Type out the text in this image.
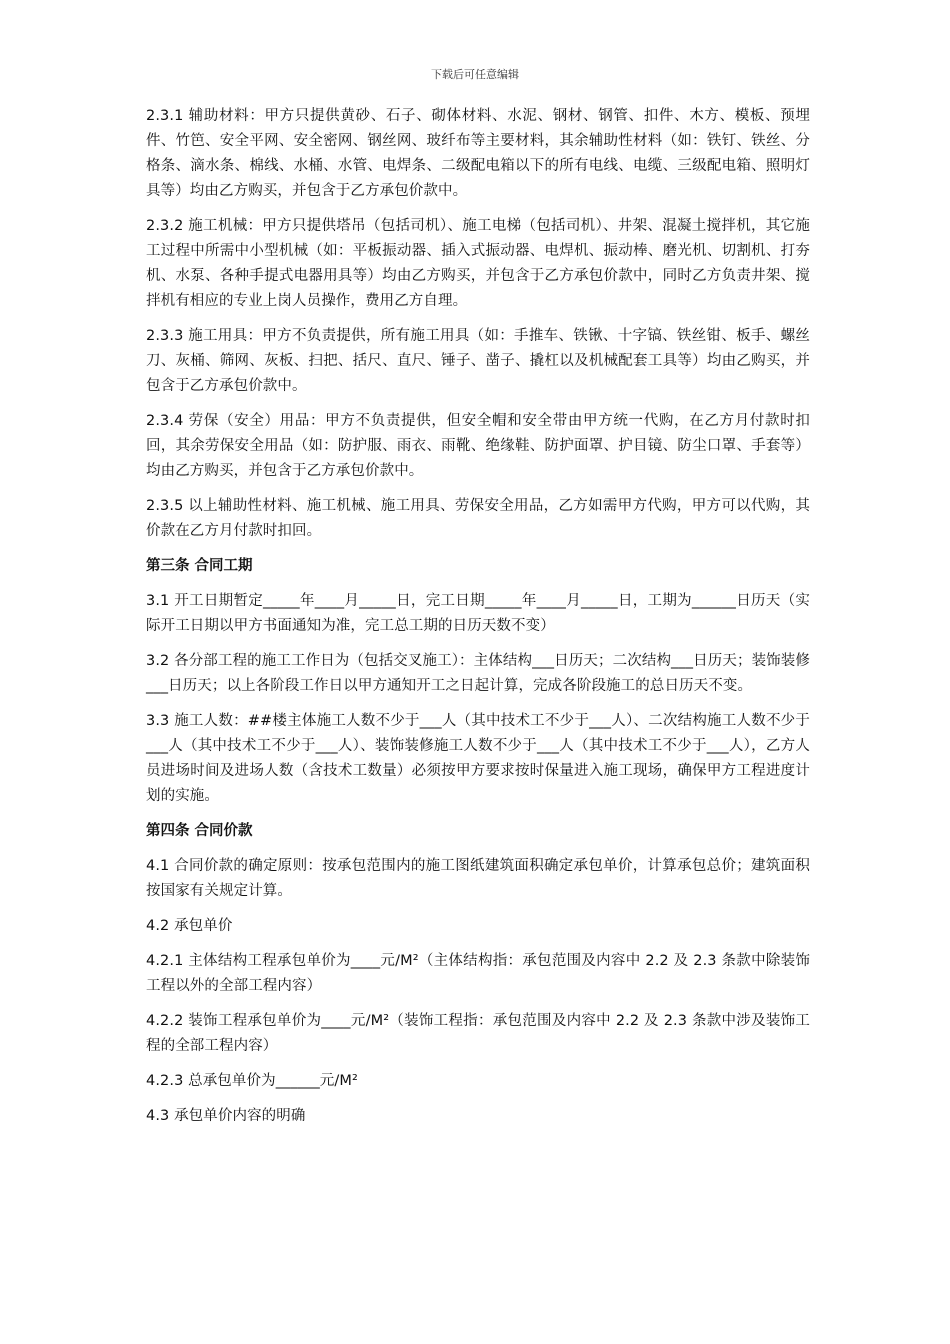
下载后可任意编辑

2.3.1 辅助材料：甲方只提供黄砂、石子、砌体材料、水泥、钢材、钢管、扣件、木方、模板、预埋件、竹笆、安全平网、安全密网、钢丝网、玻纤布等主要材料，其余辅助性材料（如：铁钉、铁丝、分格条、滴水条、棉线、水桶、水管、电焊条、二级配电箱以下的所有电线、电缆、三级配电箱、照明灯具等）均由乙方购买，并包含于乙方承包价款中。

2.3.2 施工机械：甲方只提供塔吊（包括司机）、施工电梯（包括司机）、井架、混凝土搅拌机，其它施工过程中所需中小型机械（如：平板振动器、插入式振动器、电焊机、振动棒、磨光机、切割机、打夯机、水泵、各种手提式电器用具等）均由乙方购买，并包含于乙方承包价款中，同时乙方负责井架、搅拌机有相应的专业上岗人员操作，费用乙方自理。

2.3.3 施工用具：甲方不负责提供，所有施工用具（如：手推车、铁锹、十字镐、铁丝钳、板手、螺丝刀、灰桶、筛网、灰板、扫把、括尺、直尺、锤子、凿子、撬杠以及机械配套工具等）均由乙购买，并包含于乙方承包价款中。

2.3.4 劳保（安全）用品：甲方不负责提供，但安全帽和安全带由甲方统一代购，在乙方月付款时扣回，其余劳保安全用品（如：防护服、雨衣、雨靴、绝缘鞋、防护面罩、护目镜、防尘口罩、手套等）均由乙方购买，并包含于乙方承包价款中。

2.3.5 以上辅助性材料、施工机械、施工用具、劳保安全用品，乙方如需甲方代购，甲方可以代购，其价款在乙方月付款时扣回。

第三条 合同工期

3.1 开工日期暂定_____年____月_____日，完工日期_____年____月_____日，工期为______日历天（实际开工日期以甲方书面通知为准，完工总工期的日历天数不变）

3.2 各分部工程的施工工作日为（包括交叉施工）：主体结构___日历天；二次结构___日历天；装饰装修___日历天；以上各阶段工作日以甲方通知开工之日起计算，完成各阶段施工的总日历天不变。

3.3 施工人数：##楼主体施工人数不少于___人（其中技术工不少于___人）、二次结构施工人数不少于___人（其中技术工不少于___人）、装饰装修施工人数不少于___人（其中技术工不少于___人），乙方人员进场时间及进场人数（含技术工数量）必须按甲方要求按时保量进入施工现场，确保甲方工程进度计划的实施。

第四条 合同价款

4.1 合同价款的确定原则：按承包范围内的施工图纸建筑面积确定承包单价，计算承包总价；建筑面积按国家有关规定计算。

4.2 承包单价

4.2.1 主体结构工程承包单价为____元/M²（主体结构指：承包范围及内容中 2.2 及 2.3 条款中除装饰工程以外的全部工程内容）

4.2.2 装饰工程承包单价为____元/M²（装饰工程指：承包范围及内容中 2.2 及 2.3 条款中涉及装饰工程的全部工程内容）

4.2.3 总承包单价为______元/M²

4.3 承包单价内容的明确
